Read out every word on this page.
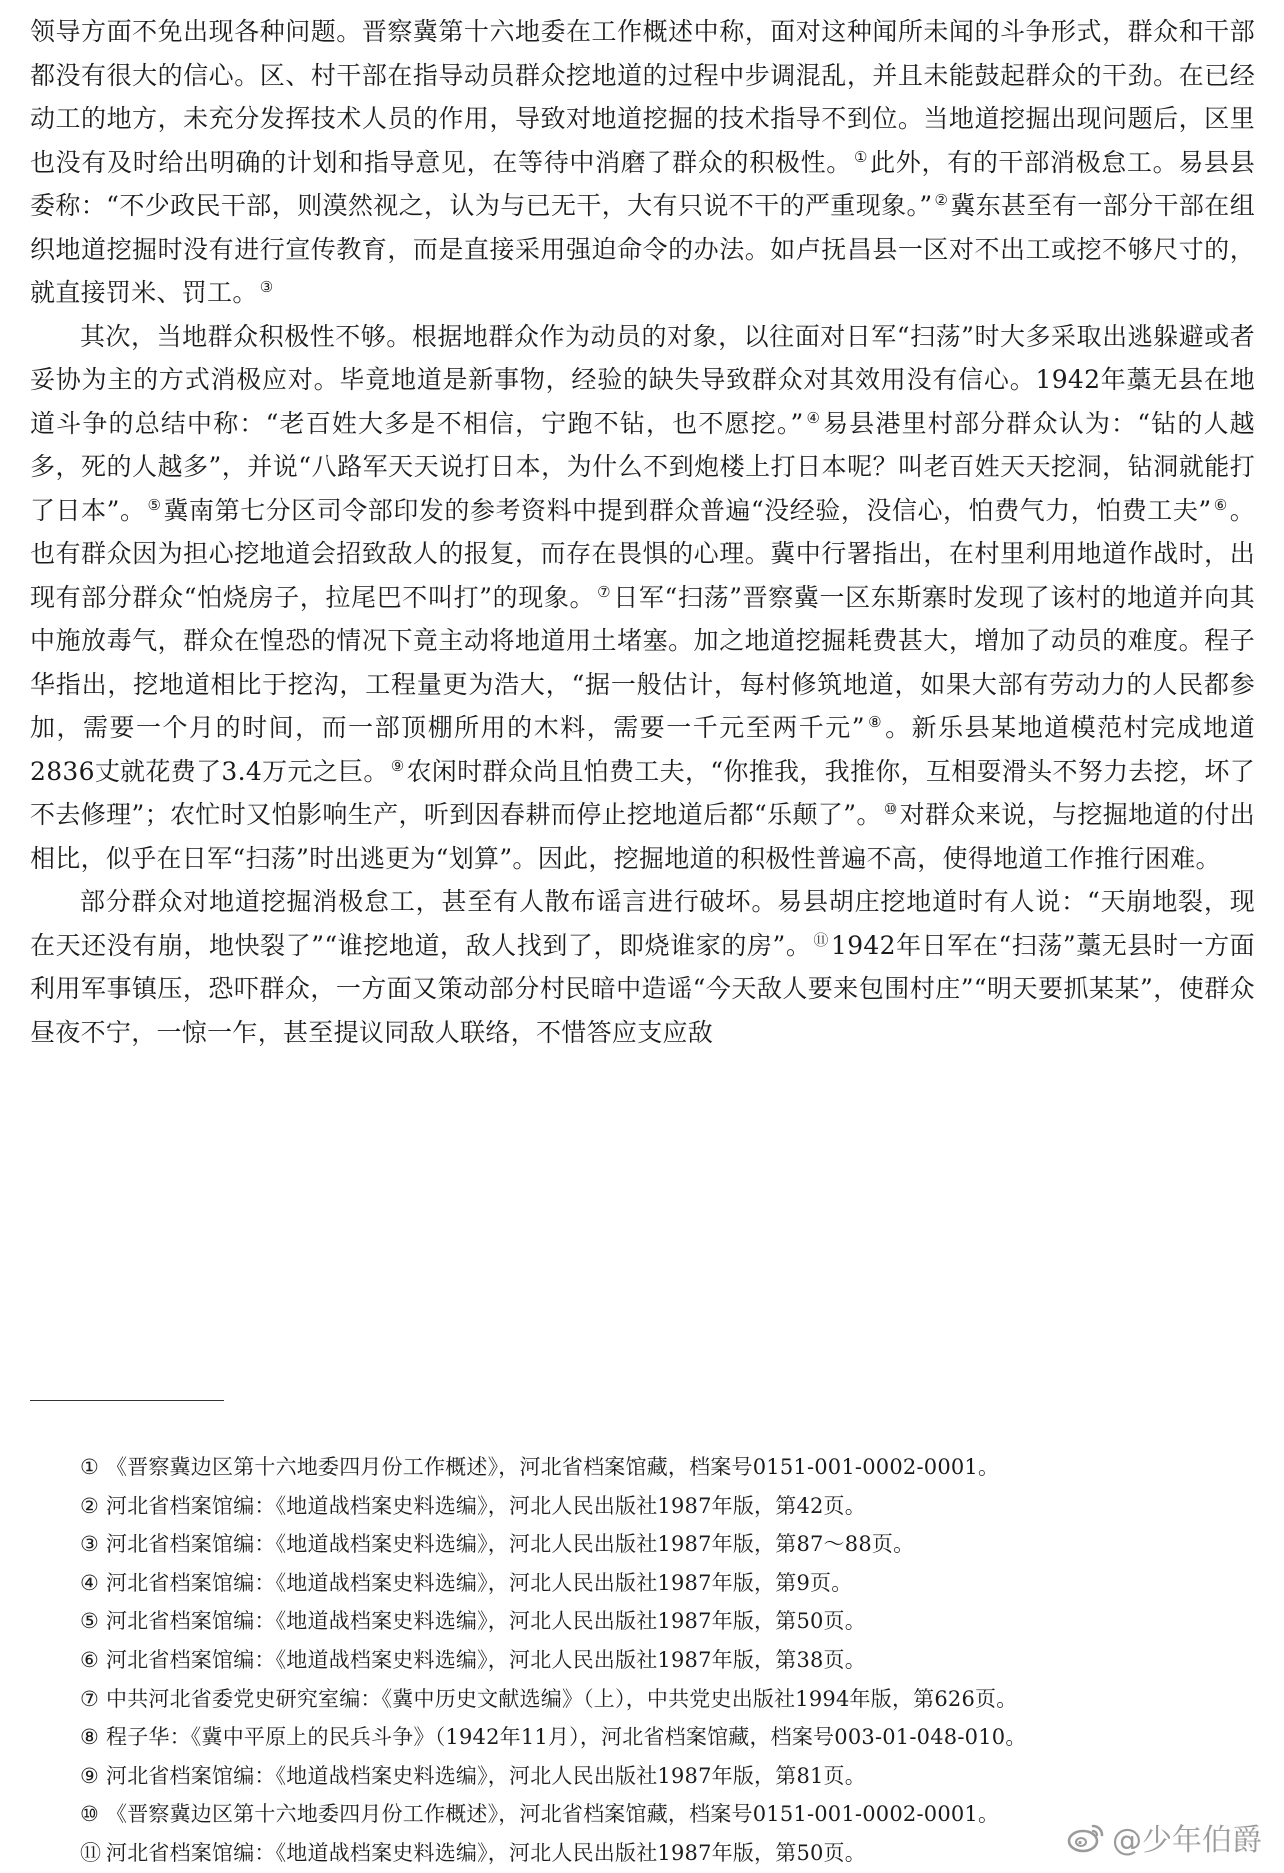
领导方面不免出现各种问题。晋察冀第十六地委在工作概述中称，面对这种闻所未闻的斗争形式，群众和干部都没有很大的信心。区、村干部在指导动员群众挖地道的过程中步调混乱，并且未能鼓起群众的干劲。在已经动工的地方，未充分发挥技术人员的作用，导致对地道挖掘的技术指导不到位。当地道挖掘出现问题后，区里也没有及时给出明确的计划和指导意见，在等待中消磨了群众的积极性。 ①此外，有的干部消极怠工。易县县委称：“不少政民干部，则漠然视之，认为与已无干，大有只说不干的严重现象。” ②冀东甚至有一部分干部在组织地道挖掘时没有进行宣传教育，而是直接采用强迫命令的办法。如卢抚昌县一区对不出工或挖不够尺寸的，就直接罚米、罚工。 ③

其次，当地群众积极性不够。根据地群众作为动员的对象，以往面对日军“扫荡”时大多采取出逃躲避或者妥协为主的方式消极应对。毕竟地道是新事物，经验的缺失导致群众对其效用没有信心。1942年藁无县在地道斗争的总结中称：“老百姓大多是不相信，宁跑不钻，也不愿挖。” ④易县港里村部分群众认为：“钻的人越多，死的人越多”，并说“八路军天天说打日本，为什么不到炮楼上打日本呢？叫老百姓天天挖洞，钻洞就能打了日本”。 ⑤冀南第七分区司令部印发的参考资料中提到群众普遍“没经验，没信心，怕费气力，怕费工夫” ⑥。也有群众因为担心挖地道会招致敌人的报复，而存在畏惧的心理。冀中行署指出，在村里利用地道作战时，出现有部分群众“怕烧房子，拉尾巴不叫打”的现象。 ⑦日军“扫荡”晋察冀一区东斯寨时发现了该村的地道并向其中施放毒气，群众在惶恐的情况下竟主动将地道用土堵塞。加之地道挖掘耗费甚大，增加了动员的难度。程子华指出，挖地道相比于挖沟，工程量更为浩大，“据一般估计，每村修筑地道，如果大部有劳动力的人民都参加，需要一个月的时间，而一部顶棚所用的木料，需要一千元至两千元” ⑧。新乐县某地道模范村完成地道2836丈就花费了3.4万元之巨。 ⑨农闲时群众尚且怕费工夫，“你推我，我推你，互相耍滑头不努力去挖，坏了不去修理”；农忙时又怕影响生产，听到因春耕而停止挖地道后都“乐颠了”。 ⑩对群众来说，与挖掘地道的付出相比，似乎在日军“扫荡”时出逃更为“划算”。因此，挖掘地道的积极性普遍不高，使得地道工作推行困难。

部分群众对地道挖掘消极怠工，甚至有人散布谣言进行破坏。易县胡庄挖地道时有人说：“天崩地裂，现在天还没有崩，地快裂了”“谁挖地道，敌人找到了，即烧谁家的房”。 ⑪1942年日军在“扫荡”藁无县时一方面利用军事镇压，恐吓群众，一方面又策动部分村民暗中造谣“今天敌人要来包围村庄”“明天要抓某某”，使群众昼夜不宁，一惊一乍，甚至提议同敌人联络，不惜答应支应敌

① 《晋察冀边区第十六地委四月份工作概述》，河北省档案馆藏，档案号0151-001-0002-0001。
② 河北省档案馆编：《地道战档案史料选编》，河北人民出版社1987年版，第42页。
③ 河北省档案馆编：《地道战档案史料选编》，河北人民出版社1987年版，第87～88页。
④ 河北省档案馆编：《地道战档案史料选编》，河北人民出版社1987年版，第9页。
⑤ 河北省档案馆编：《地道战档案史料选编》，河北人民出版社1987年版，第50页。
⑥ 河北省档案馆编：《地道战档案史料选编》，河北人民出版社1987年版，第38页。
⑦ 中共河北省委党史研究室编：《冀中历史文献选编》（上），中共党史出版社1994年版，第626页。
⑧ 程子华：《冀中平原上的民兵斗争》（1942年11月），河北省档案馆藏，档案号003-01-048-010。
⑨ 河北省档案馆编：《地道战档案史料选编》，河北人民出版社1987年版，第81页。
⑩ 《晋察冀边区第十六地委四月份工作概述》，河北省档案馆藏，档案号0151-001-0002-0001。
⑪ 河北省档案馆编：《地道战档案史料选编》，河北人民出版社1987年版，第50页。	@少年伯爵
